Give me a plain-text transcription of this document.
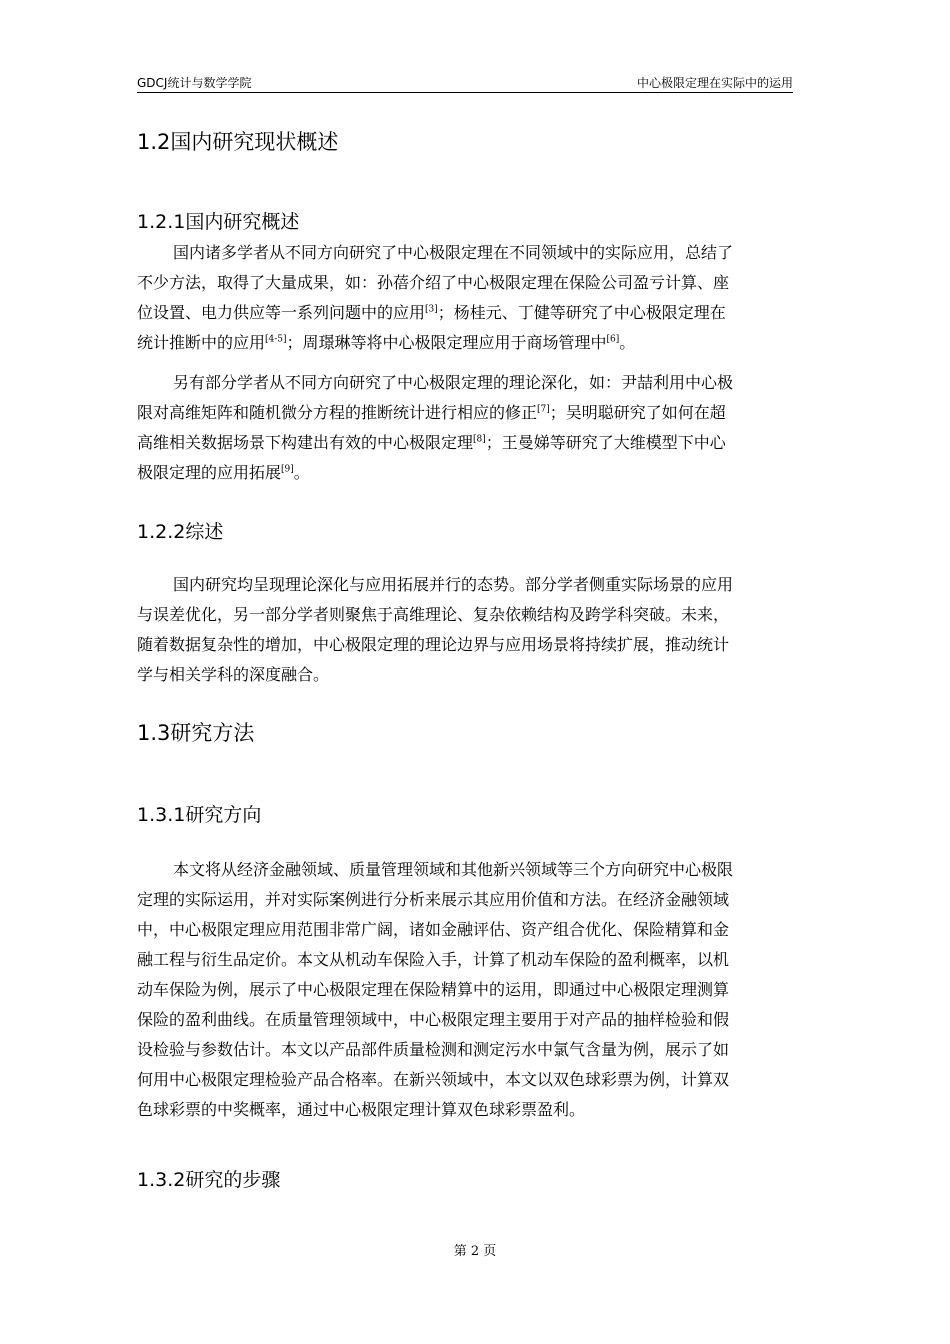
GDCJ统计与数学学院	中心极限定理在实际中的运用
1.2国内研究现状概述
1.2.1国内研究概述
国内诸多学者从不同方向研究了中心极限定理在不同领域中的实际应用，总结了
不少方法，取得了大量成果，如：孙蓓介绍了中心极限定理在保险公司盈亏计算、座
位设置、电力供应等一系列问题中的应用[3]；杨桂元、丁健等研究了中心极限定理在
统计推断中的应用[4-5]；周璟琳等将中心极限定理应用于商场管理中[6]。
另有部分学者从不同方向研究了中心极限定理的理论深化，如：尹喆利用中心极
限对高维矩阵和随机微分方程的推断统计进行相应的修正[7]；吴明聪研究了如何在超
高维相关数据场景下构建出有效的中心极限定理[8]；王曼娣等研究了大维模型下中心
极限定理的应用拓展[9]。
1.2.2综述
国内研究均呈现理论深化与应用拓展并行的态势。部分学者侧重实际场景的应用
与误差优化，另一部分学者则聚焦于高维理论、复杂依赖结构及跨学科突破。未来，
随着数据复杂性的增加，中心极限定理的理论边界与应用场景将持续扩展，推动统计
学与相关学科的深度融合。
1.3研究方法
1.3.1研究方向
本文将从经济金融领域、质量管理领域和其他新兴领域等三个方向研究中心极限
定理的实际运用，并对实际案例进行分析来展示其应用价值和方法。在经济金融领域
中，中心极限定理应用范围非常广阔，诸如金融评估、资产组合优化、保险精算和金
融工程与衍生品定价。本文从机动车保险入手，计算了机动车保险的盈利概率，以机
动车保险为例，展示了中心极限定理在保险精算中的运用，即通过中心极限定理测算
保险的盈利曲线。在质量管理领域中，中心极限定理主要用于对产品的抽样检验和假
设检验与参数估计。本文以产品部件质量检测和测定污水中氯气含量为例，展示了如
何用中心极限定理检验产品合格率。在新兴领域中，本文以双色球彩票为例，计算双
色球彩票的中奖概率，通过中心极限定理计算双色球彩票盈利。
1.3.2研究的步骤
第 2 页
